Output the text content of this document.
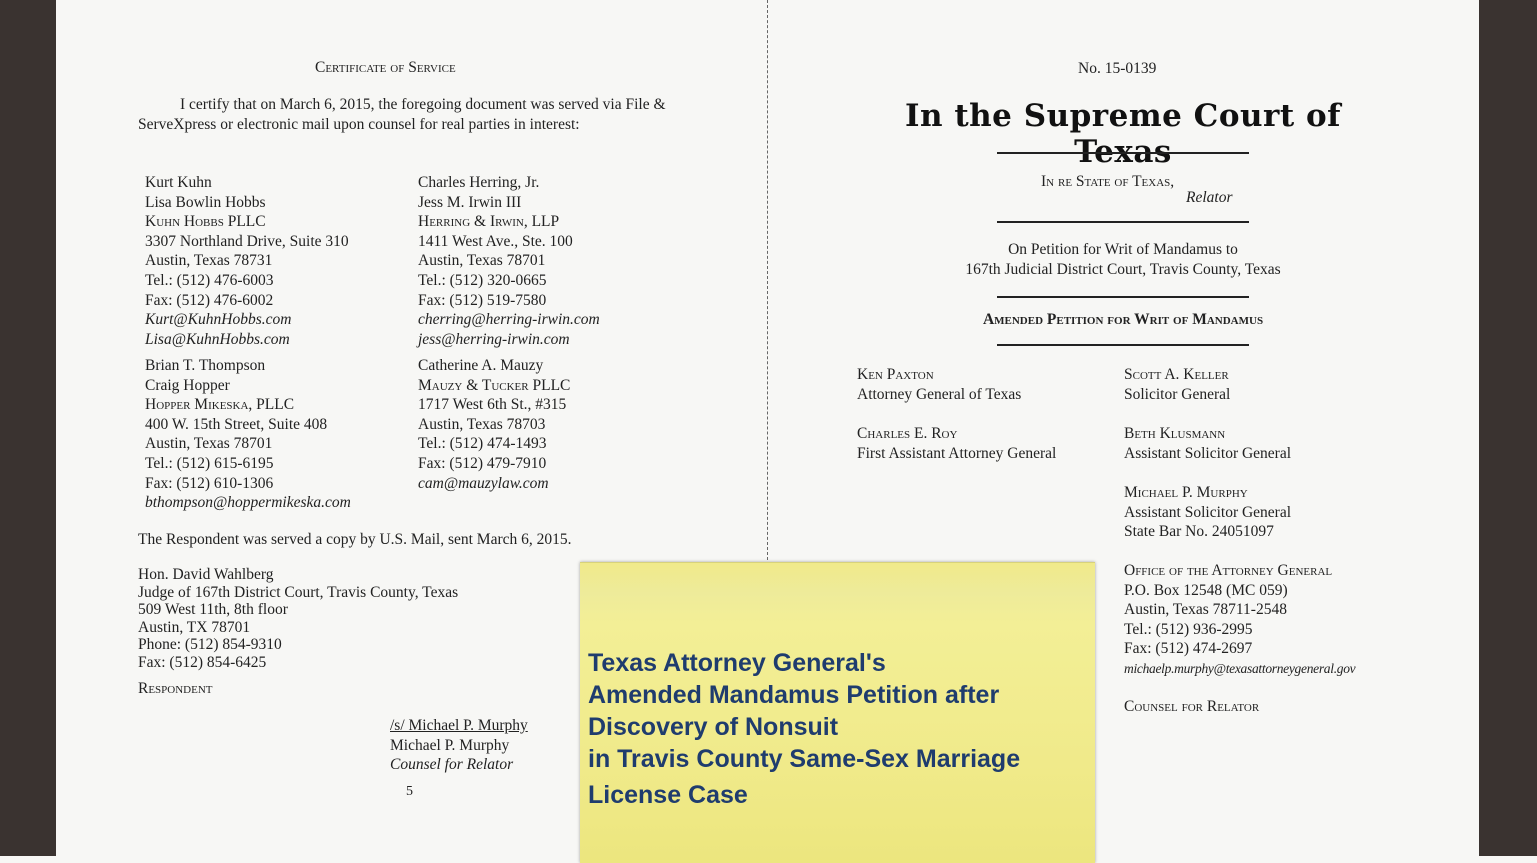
Certificate of Service
I certify that on March 6, 2015, the foregoing document was served via File & ServeXpress or electronic mail upon counsel for real parties in interest:
Kurt Kuhn
Lisa Bowlin Hobbs
Kuhn Hobbs PLLC
3307 Northland Drive, Suite 310
Austin, Texas 78731
Tel.: (512) 476-6003
Fax: (512) 476-6002
Kurt@KuhnHobbs.com
Lisa@KuhnHobbs.com
Charles Herring, Jr.
Jess M. Irwin III
Herring & Irwin, LLP
1411 West Ave., Ste. 100
Austin, Texas 78701
Tel.: (512) 320-0665
Fax: (512) 519-7580
cherring@herring-irwin.com
jess@herring-irwin.com
Brian T. Thompson
Craig Hopper
Hopper Mikeska, PLLC
400 W. 15th Street, Suite 408
Austin, Texas 78701
Tel.: (512) 615-6195
Fax: (512) 610-1306
bthompson@hoppermikeska.com
Catherine A. Mauzy
Mauzy & Tucker PLLC
1717 West 6th St., #315
Austin, Texas 78703
Tel.: (512) 474-1493
Fax: (512) 479-7910
cam@mauzylaw.com
The Respondent was served a copy by U.S. Mail, sent March 6, 2015.
Hon. David Wahlberg
Judge of 167th District Court, Travis County, Texas
509 West 11th, 8th floor
Austin, TX 78701
Phone: (512) 854-9310
Fax: (512) 854-6425
Respondent
/s/ Michael P. Murphy
Michael P. Murphy
Counsel for Relator
5
No. 15-0139
In the Supreme Court of Texas
In re State of Texas,
Relator
On Petition for Writ of Mandamus to
167th Judicial District Court, Travis County, Texas
Amended Petition for Writ of Mandamus
Ken Paxton
Attorney General of Texas
Charles E. Roy
First Assistant Attorney General
Scott A. Keller
Solicitor General
Beth Klusmann
Assistant Solicitor General
Michael P. Murphy
Assistant Solicitor General
State Bar No. 24051097
Office of the Attorney General
P.O. Box 12548 (MC 059)
Austin, Texas 78711-2548
Tel.: (512) 936-2995
Fax: (512) 474-2697
michaelp.murphy@texasattorneygeneral.gov
Counsel for Relator
Texas Attorney General's
Amended Mandamus Petition after
Discovery of Nonsuit
in Travis County Same-Sex Marriage
License Case
